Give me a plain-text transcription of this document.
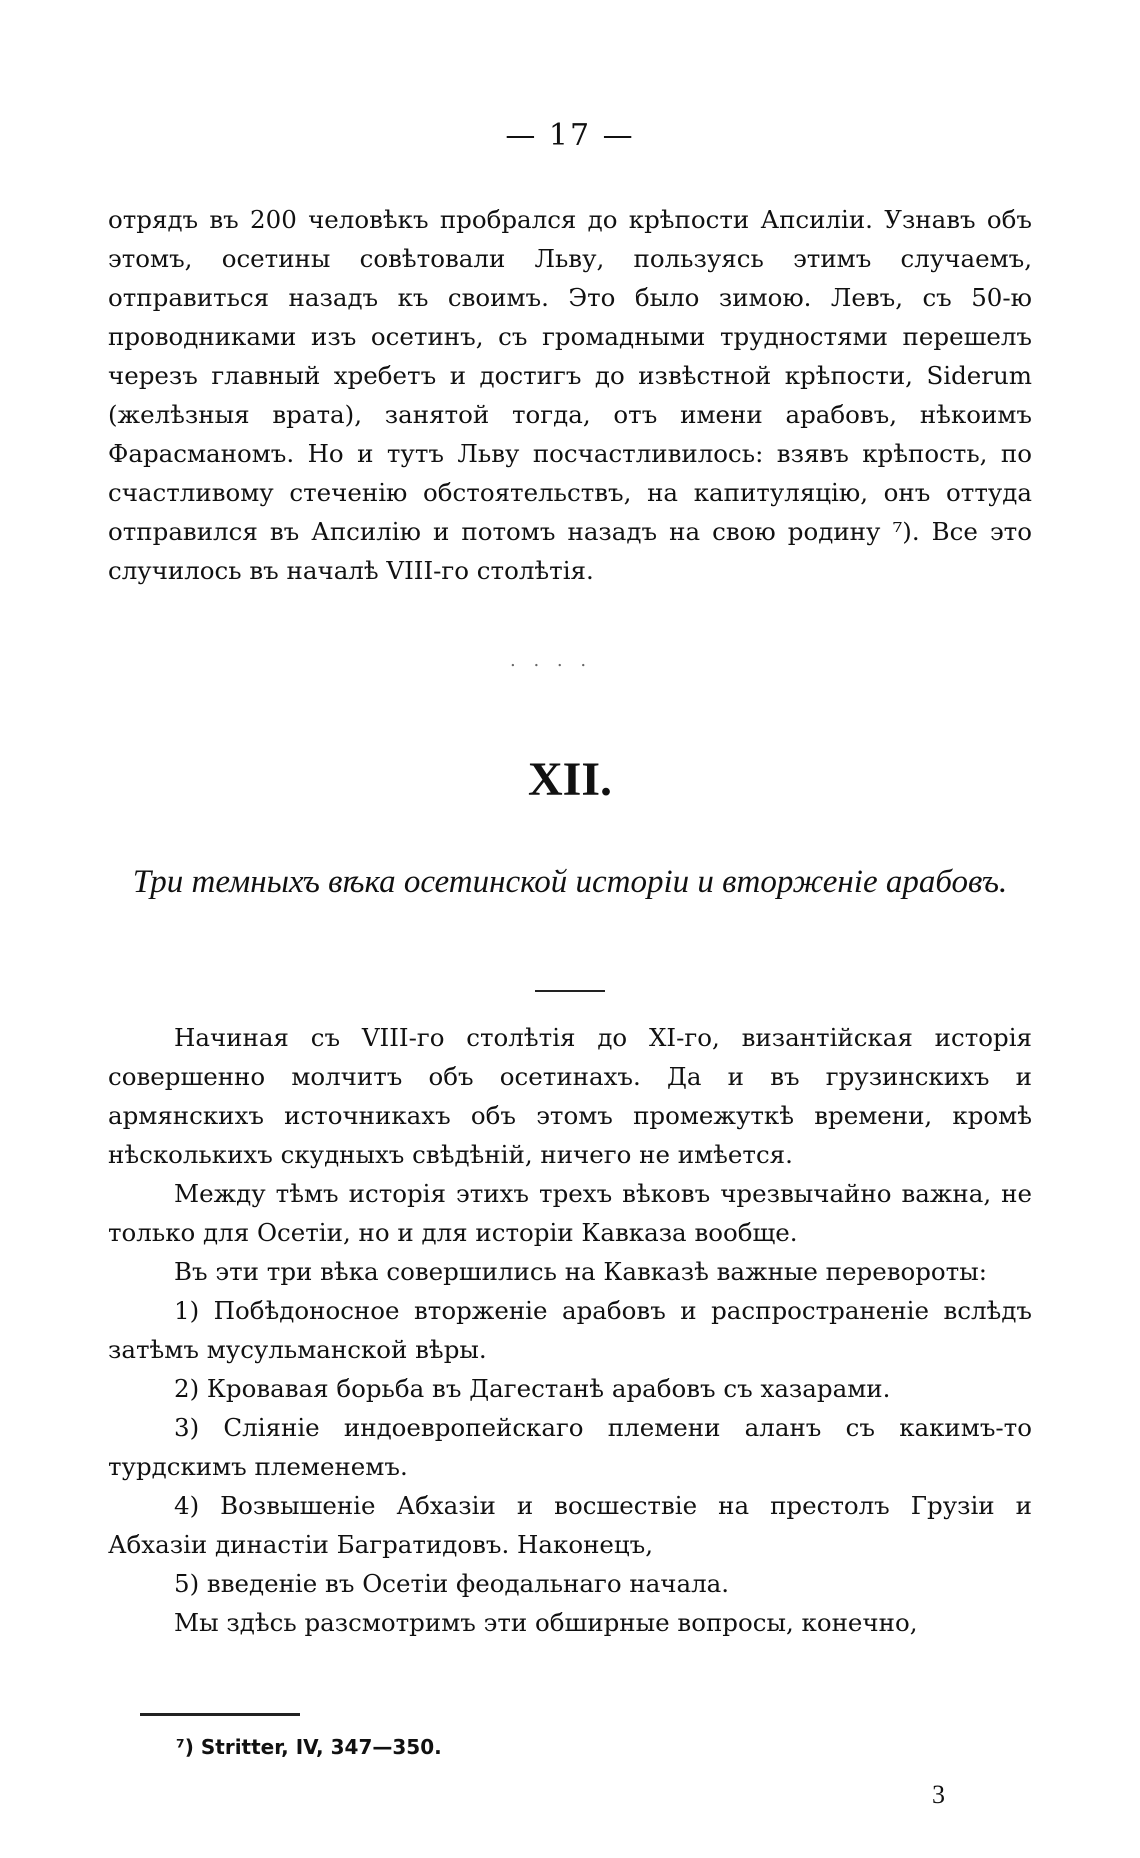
— 17 —

отрядъ въ 200 человѣкъ пробрался до крѣпости Апсиліи. Узнавъ объ этомъ, осетины совѣтовали Льву, пользуясь этимъ случаемъ, отправиться назадъ къ своимъ. Это было зимою. Левъ, съ 50-ю проводниками изъ осетинъ, съ громадными трудностями перешелъ черезъ главный хребетъ и достигъ до извѣстной крѣпости, Siderum (желѣзныя врата), занятой тогда, отъ имени арабовъ, нѣкоимъ Фарасманомъ. Но и тутъ Льву посчастливилось: взявъ крѣпость, по счастливому стеченію обстоятельствъ, на капитуляцію, онъ оттуда отправился въ Апсилію и потомъ назадъ на свою родину ⁷). Все это случилось въ началѣ VIII-го столѣтія.

. . . .
XII.
Три темныхъ вѣка осетинской исторіи и вторженіе арабовъ.

Начиная съ VIII-го столѣтія до XI-го, византійская исторія совершенно молчитъ объ осетинахъ. Да и въ грузинскихъ и армянскихъ источникахъ объ этомъ промежуткѣ времени, кромѣ нѣсколькихъ скудныхъ свѣдѣній, ничего не имѣется.

Между тѣмъ исторія этихъ трехъ вѣковъ чрезвычайно важна, не только для Осетіи, но и для исторіи Кавказа вообще.

Въ эти три вѣка совершились на Кавказѣ важные перевороты:

1) Побѣдоносное вторженіе арабовъ и распространеніе вслѣдъ затѣмъ мусульманской вѣры.

2) Кровавая борьба въ Дагестанѣ арабовъ съ хазарами.

3) Сліяніе индоевропейскаго племени аланъ съ какимъ-то турдскимъ племенемъ.

4) Возвышеніе Абхазіи и восшествіе на престолъ Грузіи и Абхазіи династіи Багратидовъ. Наконецъ,

5) введеніе въ Осетіи феодальнаго начала.

Мы здѣсь разсмотримъ эти обширные вопросы, конечно,

⁷) Stritter, IV, 347—350.
3
